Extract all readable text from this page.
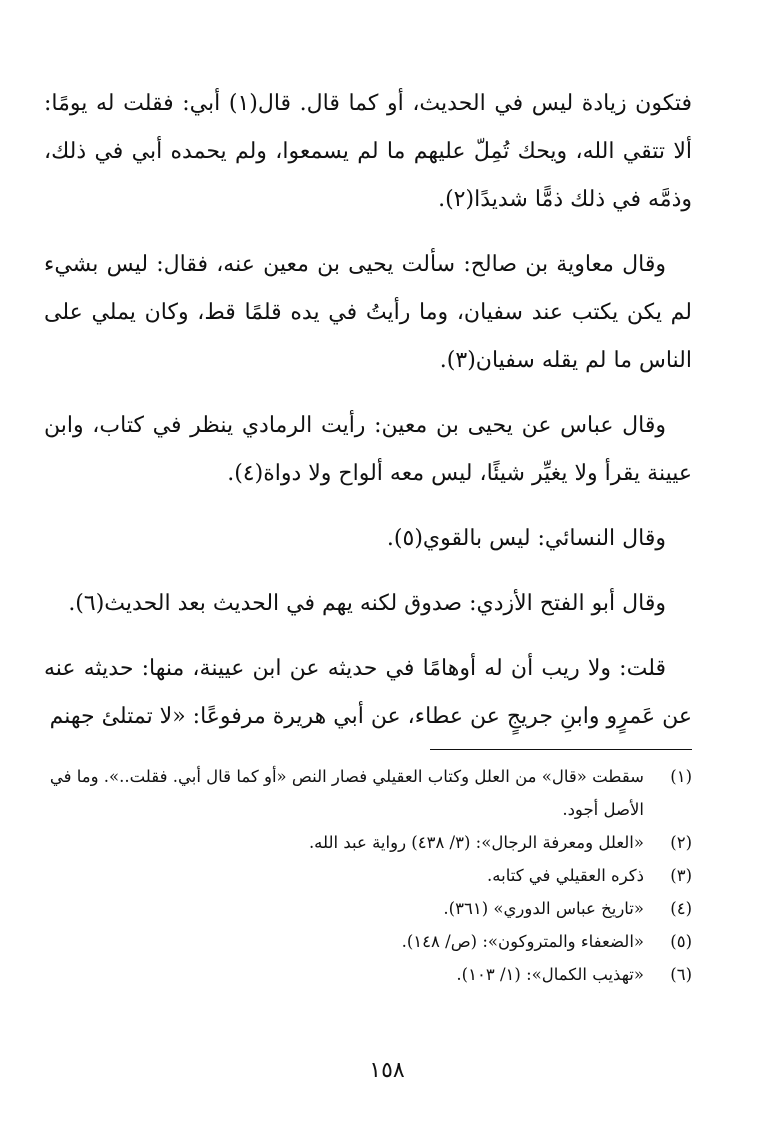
فتكون زيادة ليس في الحديث، أو كما قال. قال(١) أبي: فقلت له يومًا: ألا تتقي الله، ويحك تُمِلّ عليهم ما لم يسمعوا، ولم يحمده أبي في ذلك، وذمَّه في ذلك ذمًّا شديدًا(٢).

وقال معاوية بن صالح: سألت يحيى بن معين عنه، فقال: ليس بشيء لم يكن يكتب عند سفيان، وما رأيتُ في يده قلمًا قط، وكان يملي على الناس ما لم يقله سفيان(٣).

وقال عباس عن يحيى بن معين: رأيت الرمادي ينظر في كتاب، وابن عيينة يقرأ ولا يغيِّر شيئًا، ليس معه ألواح ولا دواة(٤).

وقال النسائي: ليس بالقوي(٥).

وقال أبو الفتح الأزدي: صدوق لكنه يهم في الحديث بعد الحديث(٦).

قلت: ولا ريب أن له أوهامًا في حديثه عن ابن عيينة، منها: حديثه عنه عن عَمرٍو وابنِ جريجٍ عن عطاء، عن أبي هريرة مرفوعًا: «لا تمتلئ جهنم

(١)
سقطت «قال» من العلل وكتاب العقيلي فصار النص «أو كما قال أبي. فقلت..». وما في الأصل أجود.
(٢)
«العلل ومعرفة الرجال»: (٣/ ٤٣٨) رواية عبد الله.
(٣)
ذكره العقيلي في كتابه.
(٤)
«تاريخ عباس الدوري» (٣٦١).
(٥)
«الضعفاء والمتروكون»: (ص/ ١٤٨).
(٦)
«تهذيب الكمال»: (١/ ١٠٣).
١٥٨
